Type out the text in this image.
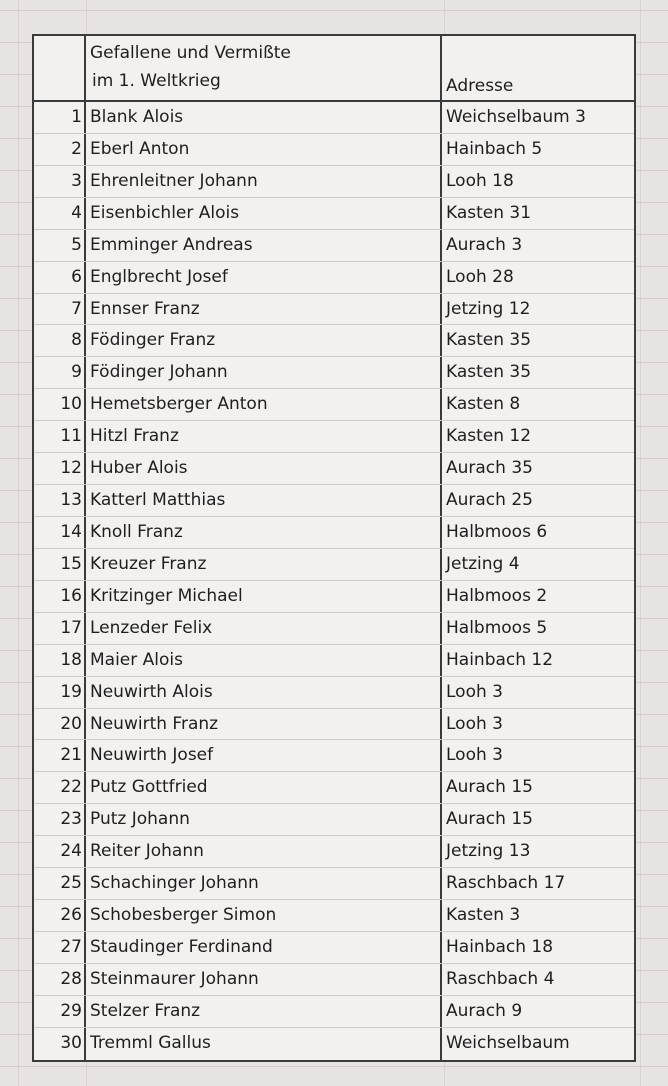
Gefallene und Vermißte
im 1. Weltkrieg	Adresse
1 Blank Alois	Weichselbaum 3
2 Eberl Anton	Hainbach 5
3 Ehrenleitner Johann	Looh 18
4 Eisenbichler Alois	Kasten 31
5 Emminger Andreas	Aurach 3
6 Englbrecht Josef	Looh 28
7 Ennser Franz	Jetzing 12
8 Födinger Franz	Kasten 35
9 Födinger Johann	Kasten 35
10 Hemetsberger Anton	Kasten 8
11 Hitzl Franz	Kasten 12
12 Huber Alois	Aurach 35
13 Katterl Matthias	Aurach 25
14 Knoll Franz	Halbmoos 6
15 Kreuzer Franz	Jetzing 4
16 Kritzinger Michael	Halbmoos 2
17 Lenzeder Felix	Halbmoos 5
18 Maier Alois	Hainbach 12
19 Neuwirth Alois	Looh 3
20 Neuwirth Franz	Looh 3
21 Neuwirth Josef	Looh 3
22 Putz Gottfried	Aurach 15
23 Putz Johann	Aurach 15
24 Reiter Johann	Jetzing 13
25 Schachinger Johann	Raschbach 17
26 Schobesberger Simon	Kasten 3
27 Staudinger Ferdinand	Hainbach 18
28 Steinmaurer Johann	Raschbach 4
29 Stelzer Franz	Aurach 9
30 Tremml Gallus	Weichselbaum
